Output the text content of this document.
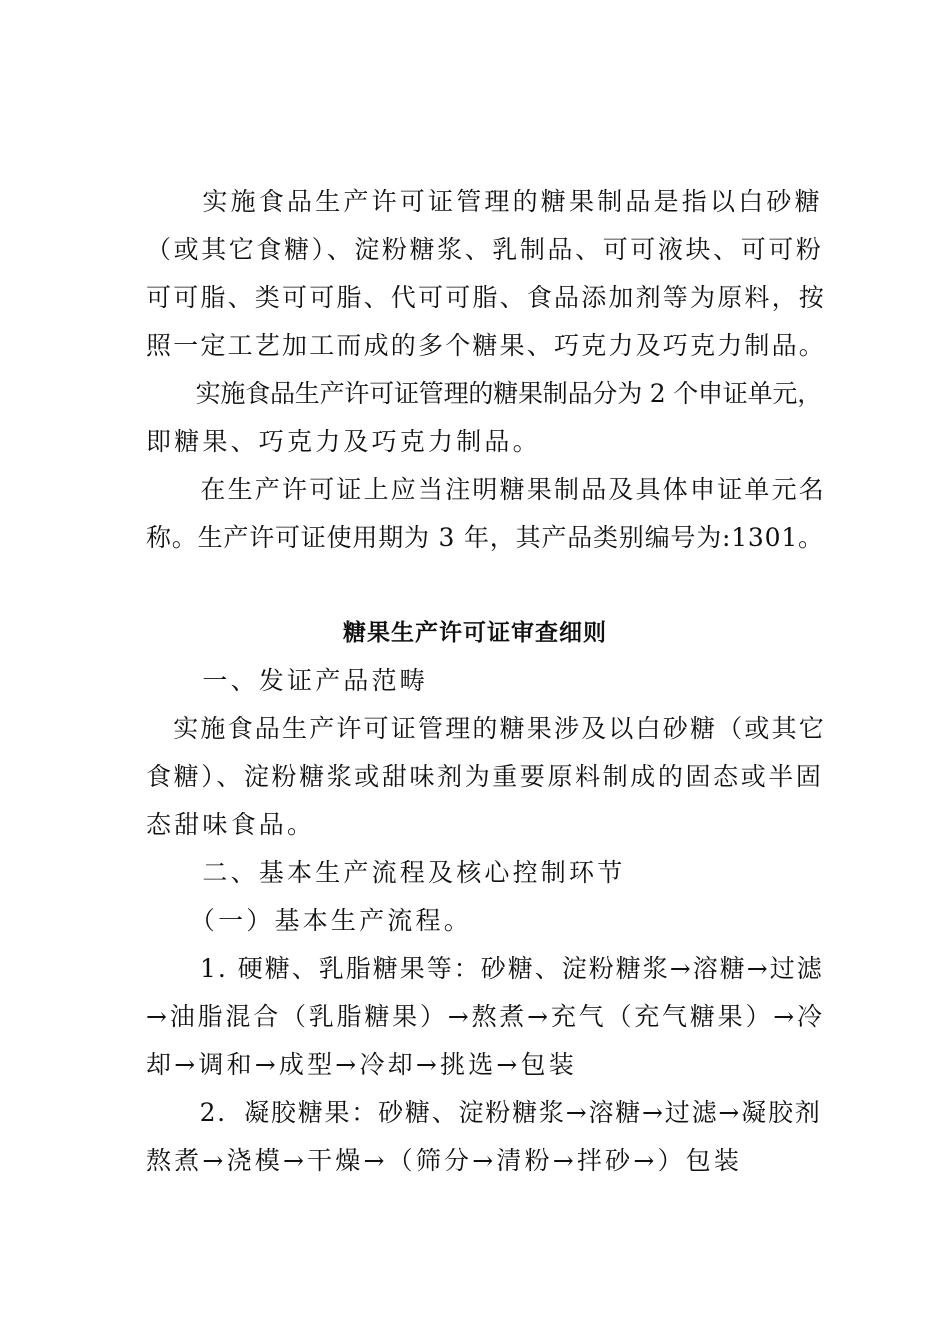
　　实施食品生产许可证管理的糖果制品是指以白砂糖
（或其它食糖）、淀粉糖浆、乳制品、可可液块、可可粉
可可脂、类可可脂、代可可脂、食品添加剂等为原料，按
照一定工艺加工而成的多个糖果、巧克力及巧克力制品。
　　实施食品生产许可证管理的糖果制品分为 2 个申证单元，
即糖果、巧克力及巧克力制品。
　　在生产许可证上应当注明糖果制品及具体申证单元名
称。生产许可证使用期为 3 年，其产品类别编号为:1301。
糖果生产许可证审查细则
　　一、发证产品范畴
　实施食品生产许可证管理的糖果涉及以白砂糖（或其它
食糖）、淀粉糖浆或甜味剂为重要原料制成的固态或半固
态甜味食品。
　　二、基本生产流程及核心控制环节
　　（一）基本生产流程。
　　1. 硬糖、乳脂糖果等：砂糖、淀粉糖浆→溶糖→过滤
→油脂混合（乳脂糖果）→熬煮→充气（充气糖果）→冷
却→调和→成型→冷却→挑选→包装
　　2．凝胶糖果：砂糖、淀粉糖浆→溶糖→过滤→凝胶剂
熬煮→浇模→干燥→（筛分→清粉→拌砂→）包装
